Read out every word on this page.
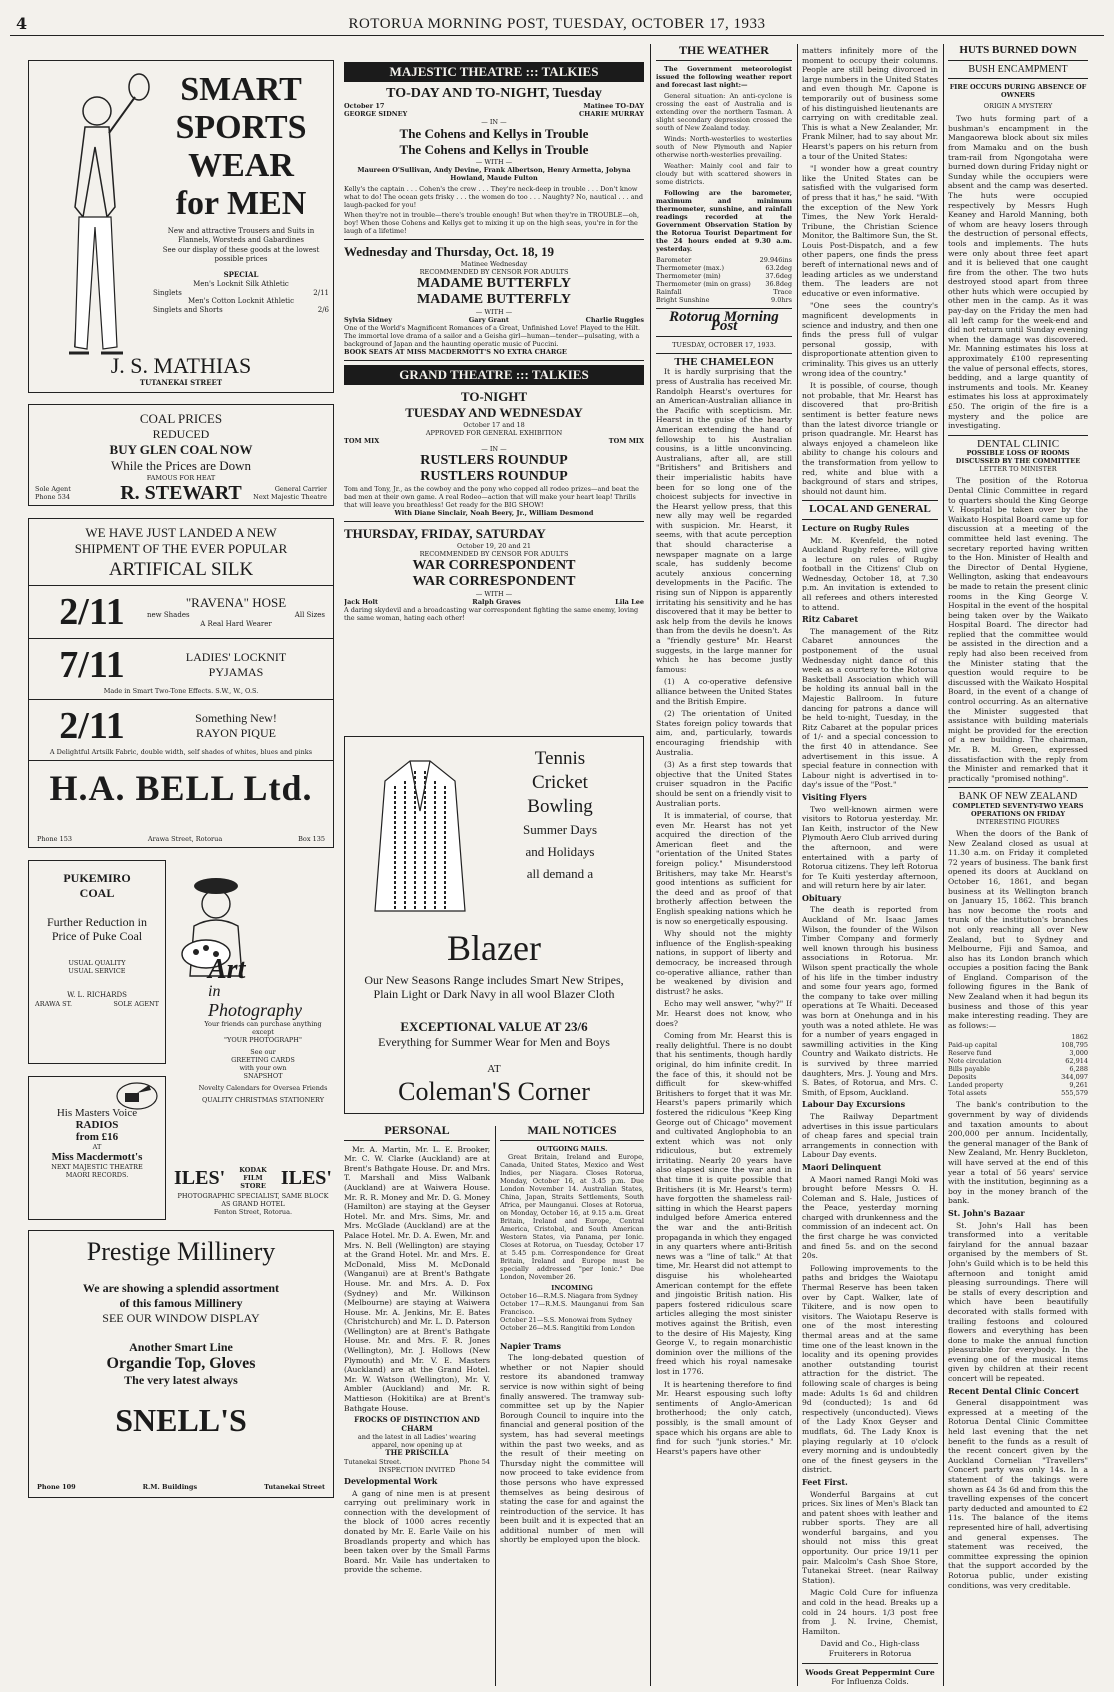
4	ROTORUA MORNING POST, TUESDAY, OCTOBER 17, 1933
SMART
SPORTS
WEAR
for MEN
New and attractive Trousers and Suits in Flannels, Worsteds and Gabardines
See our display of these goods at the lowest possible prices
SPECIAL
Men's Locknit Silk Athletic
Singlets	2/11
Men's Cotton Locknit Athletic
Singlets and Shorts	2/6
J. S. MATHIAS
TUTANEKAI STREET
COAL PRICES
REDUCED
BUY GLEN COAL NOW
While the Prices are Down
FAMOUS FOR HEAT
R. STEWART
Sole Agent
Phone 534
General Carrier
Next Majestic Theatre
WE HAVE JUST LANDED A NEW
SHIPMENT OF THE EVER POPULAR
ARTIFICAL SILK
2/11	"RAVENA" HOSE
new Shades	All Sizes
A Real Hard Wearer
7/11	LADIES' LOCKNIT
PYJAMAS
Made in Smart Two-Tone Effects. S.W., W., O.S.
2/11	Something New!
RAYON PIQUE
A Delightful Artsilk Fabric, double width, self shades of whites, blues and pinks
H.A. BELL Ltd.
Phone 153	Arawa Street, Rotorua	Box 135
PUKEMIRO
COAL
Further Reduction in Price of Puke Coal
USUAL QUALITY
USUAL SERVICE
W. L. RICHARDS
ARAWA ST.	SOLE AGENT
His Masters Voice
RADIOS
from £16
AT
Miss Macdermott's
NEXT MAJESTIC THEATRE
MAORI RECORDS.
Art
in
Photography
Your friends can purchase anything except
"YOUR PHOTOGRAPH"
See our
GREETING CARDS
with your own
SNAPSHOT
Novelty Calendars for Oversea Friends
QUALITY CHRISTMAS STATIONERY
ILES'	KODAK FILM STORE ILES'
PHOTOGRAPHIC SPECIALIST, SAME BLOCK AS GRAND HOTEL
Fenton Street, Rotorua.
Prestige Millinery
We are showing a splendid assortment
of this famous Millinery
SEE OUR WINDOW DISPLAY
Another Smart Line
Organdie Top, Gloves
The very latest always
SNELL'S
Phone 109	R.M. Buildings	Tutanekai Street
MAJESTIC THEATRE ::: TALKIES
TO-DAY AND TO-NIGHT, Tuesday
October 17	Matinee TO-DAY
GEORGE SIDNEY	CHARIE MURRAY
— IN —
The Cohens and Kellys in Trouble
The Cohens and Kellys in Trouble
— WITH —
Maureen O'Sullivan, Andy Devine, Frank Albertson, Henry Armetta, Jobyna Howland, Maude Fulton
Kelly's the captain . . . Cohen's the crew . . . They're neck-deep in trouble . . . Don't know what to do! The ocean gets frisky . . . the women do too . . . Naughty? No, nautical . . . and laugh-packed for you!
When they're not in trouble—there's trouble enough! But when they're in TROUBLE—oh, boy! When those Cohens and Kellys get to mixing it up on the high seas, you're in for the laugh of a lifetime!
Wednesday and Thursday, Oct. 18, 19
Matinee Wednesday
RECOMMENDED BY CENSOR FOR ADULTS
MADAME BUTTERFLY
MADAME BUTTERFLY
— WITH —
Sylvia Sidney	Gary Grant	Charlie Ruggles
One of the World's Magnificent Romances of a Great, Unfinished Love! Played to the Hilt. The immortal love drama of a sailor and a Geisha girl—human—tender—pulsating, with a background of Japan and the haunting operatic music of Puccini.
BOOK SEATS AT MISS MACDERMOTT'S NO EXTRA CHARGE
GRAND THEATRE ::: TALKIES
TO-NIGHT
TUESDAY AND WEDNESDAY
October 17 and 18
APPROVED FOR GENERAL EXHIBITION
TOM MIX	TOM MIX
— IN —
RUSTLERS ROUNDUP
RUSTLERS ROUNDUP
Tom and Tony, Jr., as the cowboy and the pony who copped all rodeo prizes—and beat the bad men at their own game. A real Rodeo—action that will make your heart leap! Thrills that will leave you breathless! Get ready for the BIG SHOW!
With Diane Sinclair, Noah Beery, Jr., William Desmond
THURSDAY, FRIDAY, SATURDAY
October 19, 20 and 21
RECOMMENDED BY CENSOR FOR ADULTS
WAR CORRESPONDENT
WAR CORRESPONDENT
— WITH —
Jack Holt	Ralph Graves	Lila Lee
A daring skydevil and a broadcasting war correspondent fighting the same enemy, loving the same woman, hating each other!
Tennis
Cricket
Bowling
Summer Days
and Holidays
all demand a
Blazer
Our New Seasons Range includes Smart New Stripes, Plain Light or Dark Navy in all wool Blazer Cloth
EXCEPTIONAL VALUE AT 23/6
Everything for Summer Wear for Men and Boys
AT
Coleman'S Corner
PERSONAL

Mr. A. Martin, Mr. L. E. Brooker, Mr. C. W. Clarke (Auckland) are at Brent's Bathgate House. Dr. and Mrs. T. Marshall and Miss Walbank (Auckland) are at Waiwera House. Mr. R. R. Money and Mr. D. G. Money (Hamilton) are staying at the Geyser Hotel. Mr. and Mrs. Sims, Mr. and Mrs. McGlade (Auckland) are at the Palace Hotel. Mr. D. A. Ewen, Mr. and Mrs. N. Bell (Wellington) are staying at the Grand Hotel. Mr. and Mrs. E. McDonald, Miss M. McDonald (Wanganui) are at Brent's Bathgate House. Mr. and Mrs. A. D. Fox (Sydney) and Mr. Wilkinson (Melbourne) are staying at Waiwera House. Mr. A. Jenkins, Mr. E. Bates (Christchurch) and Mr. L. D. Paterson (Wellington) are at Brent's Bathgate House. Mr. and Mrs. F. R. Jones (Wellington), Mr. J. Hollows (New Plymouth) and Mr. V. E. Masters (Auckland) are at the Grand Hotel. Mr. W. Watson (Wellington), Mr. V. Ambler (Auckland) and Mr. R. Mattieson (Hokitika) are at Brent's Bathgate House.

FROCKS OF DISTINCTION AND CHARM
and the latest in all Ladies' wearing apparel, now opening up at
THE PRISCILLA
Tutanekai Street.	Phone 54
INSPECTION INVITED
Developmental Work

A gang of nine men is at present carrying out preliminary work in connection with the development of the block of 1000 acres recently donated by Mr. E. Earle Vaile on his Broadlands property and which has been taken over by the Small Farms Board. Mr. Vaile has undertaken to provide the scheme.

MAIL NOTICES
OUTGOING MAILS.

Great Britain, Ireland and Europe, Canada, United States, Mexico and West Indies, per Niagara. Closes Rotorua, Monday, October 16, at 3.45 p.m. Due London November 14. Australian States, China, Japan, Straits Settlements, South Africa, per Maunganui. Closes at Rotorua, on Monday, October 16, at 9.15 a.m. Great Britain, Ireland and Europe, Central America, Cristobal, and South American Western States, via Panama, per Ionic. Closes at Rotorua, on Tuesday, October 17 at 5.45 p.m. Correspondence for Great Britain, Ireland and Europe must be specially addressed "per Ionic." Due London, November 26.

INCOMING
October 16—R.M.S. Niagara from Sydney
October 17—R.M.S. Maunganui from San Francisco.
October 21—S.S. Monowai from Sydney
October 26—M.S. Rangitiki from London
Napier Trams

The long-debated question of whether or not Napier should restore its abandoned tramway service is now within sight of being finally answered. The tramway sub-committee set up by the Napier Borough Council to inquire into the financial and general position of the system, has had several meetings within the past two weeks, and as the result of their meeting on Thursday night the committee will now proceed to take evidence from those persons who have expressed themselves as being desirous of stating the case for and against the reintroduction of the service. It has been built and it is expected that an additional number of men will shortly be employed upon the block.

THE WEATHER

The Government meteorologist issued the following weather report and forecast last night:—

General situation: An anti-cyclone is crossing the east of Australia and is extending over the northern Tasman. A slight secondary depression crossed the south of New Zealand today.

Winds: North-westerlies to westerlies south of New Plymouth and Napier otherwise north-westerlies prevailing.

Weather: Mainly cool and fair to cloudy but with scattered showers in some districts.

Following are the barometer, maximum and minimum thermometer, sunshine, and rainfall readings recorded at the Government Observation Station by the Rotorua Tourist Department for the 24 hours ended at 9.30 a.m. yesterday.

Barometer	29.946ins
Thermometer (max.)	63.2deg
Thermometer (min)	37.6deg
Thermometer (min on grass) 36.8deg
Rainfall	Trace
Bright Sunshine	9.0hrs
Rotorua Morning Post
TUESDAY, OCTOBER 17, 1933.
THE CHAMELEON

It is hardly surprising that the press of Australia has received Mr. Randolph Hearst's overtures for an American-Australian alliance in the Pacific with scepticism. Mr. Hearst in the guise of the hearty American extending the hand of fellowship to his Australian cousins, is a little unconvincing. Australians, after all, are still "Britishers" and Britishers and their imperialistic habits have been for so long one of the choicest subjects for invective in the Hearst yellow press, that this new ally may well be regarded with suspicion. Mr. Hearst, it seems, with that acute perception that should characterise a newspaper magnate on a large scale, has suddenly become acutely anxious concerning developments in the Pacific. The rising sun of Nippon is apparently irritating his sensitivity and he has discovered that it may be better to ask help from the devils he knows than from the devils he doesn't. As a "friendly gesture" Mr. Hearst suggests, in the large manner for which he has become justly famous:

(1) A co-operative defensive alliance between the United States and the British Empire.

(2) The orientation of United States foreign policy towards that aim, and, particularly, towards encouraging friendship with Australia.

(3) As a first step towards that objective that the United States cruiser squadron in the Pacific should be sent on a friendly visit to Australian ports.

It is immaterial, of course, that even Mr. Hearst has not yet acquired the direction of the American fleet and the "orientation of the United States foreign policy." Misunderstood Britishers, may take Mr. Hearst's good intentions as sufficient for the deed and as proof of that brotherly affection between the English speaking nations which he is now so energetically espousing.

Why should not the mighty influence of the English-speaking nations, in support of liberty and democracy, be increased through co-operative alliance, rather than be weakened by division and distrust? he asks.

Echo may well answer, "why?" If Mr. Hearst does not know, who does?

Coming from Mr. Hearst this is really delightful. There is no doubt that his sentiments, though hardly original, do him infinite credit. In the face of this, it should not be difficult for skew-whiffed Britishers to forget that it was Mr. Hearst's papers primarily which fostered the ridiculous "Keep King George out of Chicago" movement and cultivated Anglophobia to an extent which was not only ridiculous, but extremely irritating. Nearly 20 years have also elapsed since the war and in that time it is quite possible that Britishers (it is Mr. Hearst's term) have forgotten the shameless rail-sitting in which the Hearst papers indulged before America entered the war and the anti-British propaganda in which they engaged in any quarters where anti-British news was a "line of talk." At that time, Mr. Hearst did not attempt to disguise his wholehearted American contempt for the effete and jingoistic British nation. His papers fostered ridiculous scare articles alleging the most sinister motives against the British, even to the desire of His Majesty, King George V., to regain monarchistic dominion over the millions of the freed which his royal namesake lost in 1776.

It is heartening therefore to find Mr. Hearst espousing such lofty sentiments of Anglo-American brotherhood; the only catch, possibly, is the small amount of space which his organs are able to find for such "junk stories." Mr. Hearst's papers have other

matters infinitely more of the moment to occupy their columns. People are still being divorced in large numbers in the United States and even though Mr. Capone is temporarily out of business some of his distinguished lieutenants are carrying on with creditable zeal. This is what a New Zealander, Mr. Frank Milner, had to say about Mr. Hearst's papers on his return from a tour of the United States:

"I wonder how a great country like the United States can be satisfied with the vulgarised form of press that it has," he said. "With the exception of the New York Times, the New York Herald-Tribune, the Christian Science Monitor, the Baltimore Sun, the St. Louis Post-Dispatch, and a few other papers, one finds the press bereft of international news and of leading articles as we understand them. The leaders are not educative or even informative.

"One sees the country's magnificent developments in science and industry, and then one finds the press full of vulgar personal gossip, with disproportionate attention given to criminality. This gives us an utterly wrong idea of the country."

It is possible, of course, though not probable, that Mr. Hearst has discovered that pro-British sentiment is better feature news than the latest divorce triangle or prison quadrangle. Mr. Hearst has always enjoyed a chameleon like ability to change his colours and the transformation from yellow to red, white and blue with a background of stars and stripes, should not daunt him.

LOCAL AND GENERAL
Lecture on Rugby Rules

Mr. M. Kvenfeld, the noted Auckland Rugby referee, will give a lecture on rules of Rugby football in the Citizens' Club on Wednesday, October 18, at 7.30 p.m. An invitation is extended to all referees and others interested to attend.

Ritz Cabaret

The management of the Ritz Cabaret announces the postponement of the usual Wednesday night dance of this week as a courtesy to the Rotorua Basketball Association which will be holding its annual ball in the Majestic Ballroom. In future dancing for patrons a dance will be held to-night, Tuesday, in the Ritz Cabaret at the popular prices of 1/- and a special concession to the first 40 in attendance. See advertisement in this issue. A special feature in connection with Labour night is advertised in to-day's issue of the "Post."

Visiting Flyers

Two well-known airmen were visitors to Rotorua yesterday. Mr. Ian Keith, instructor of the New Plymouth Aero Club arrived during the afternoon, and were entertained with a party of Rotorua citizens. They left Rotorua for Te Kuiti yesterday afternoon, and will return here by air later.

Obituary

The death is reported from Auckland of Mr. Isaac James Wilson, the founder of the Wilson Timber Company and formerly well known through his business associations in Rotorua. Mr. Wilson spent practically the whole of his life in the timber industry and some four years ago, formed the company to take over milling operations at Te Whaiti. Deceased was born at Onehunga and in his youth was a noted athlete. He was for a number of years engaged in sawmilling activities in the King Country and Waikato districts. He is survived by three married daughters, Mrs. J. Young and Mrs. S. Bates, of Rotorua, and Mrs. C. Smith, of Epsom, Auckland.

Labour Day Excursions

The Railway Department advertises in this issue particulars of cheap fares and special train arrangements in connection with Labour Day events.

Maori Delinquent

A Maori named Rangi Moki was brought before Messrs O. H. Coleman and S. Hale, Justices of the Peace, yesterday morning charged with drunkenness and the commission of an indecent act. On the first charge he was convicted and fined 5s. and on the second 20s.

Following improvements to the paths and bridges the Waiotapu Thermal Reserve has been taken over by Capt. Walker, late of Tikitere, and is now open to visitors. The Waiotapu Reserve is one of the most interesting thermal areas and at the same time one of the least known in the locality and its opening provides another outstanding tourist attraction for the district. The following scale of charges is being made: Adults 1s 6d and children 9d (conducted); 1s and 6d respectively (unconducted). Views of the Lady Knox Geyser and mudflats, 6d. The Lady Knox is playing regularly at 10 o'clock every morning and is undoubtedly one of the finest geysers in the district.

Feet First.

Wonderful Bargains at cut prices. Six lines of Men's Black tan and patent shoes with leather and rubber sports. They are all wonderful bargains, and you should not miss this great opportunity. Our price 19/11 per pair. Malcolm's Cash Shoe Store, Tutanekai Street. (near Railway Station).

Magic Cold Cure for influenza and cold in the head. Breaks up a cold in 24 hours. 1/3 post free from J. N. Irvine, Chemist, Hamilton.

David and Co., High-class Fruiterers in Rotorua
Woods Great Peppermint Cure
For Influenza Colds.
HUTS BURNED DOWN
BUSH ENCAMPMENT
FIRE OCCURS DURING ABSENCE OF OWNERS
ORIGIN A MYSTERY

Two huts forming part of a bushman's encampment in the Mangaorewa block about six miles from Mamaku and on the bush tram-rail from Ngongotaha were burned down during Friday night or Sunday while the occupiers were absent and the camp was deserted. The huts were occupied respectively by Messrs Hugh Keaney and Harold Manning, both of whom are heavy losers through the destruction of personal effects, tools and implements. The huts were only about three feet apart and it is believed that one caught fire from the other. The two huts destroyed stood apart from three other huts which were occupied by other men in the camp. As it was pay-day on the Friday the men had all left camp for the week-end and did not return until Sunday evening when the damage was discovered. Mr. Manning estimates his loss at approximately £100 representing the value of personal effects, stores, bedding, and a large quantity of instruments and tools. Mr. Keaney estimates his loss at approximately £50. The origin of the fire is a mystery and the police are investigating.

DENTAL CLINIC
POSSIBLE LOSS OF ROOMS DISCUSSED BY THE COMMITTEE
LETTER TO MINISTER

The position of the Rotorua Dental Clinic Committee in regard to quarters should the King George V. Hospital be taken over by the Waikato Hospital Board came up for discussion at a meeting of the committee held last evening. The secretary reported having written to the Hon. Minister of Health and the Director of Dental Hygiene, Wellington, asking that endeavours be made to retain the present clinic rooms in the King George V. Hospital in the event of the hospital being taken over by the Waikato Hospital Board. The director had replied that the committee would be assisted in the direction and a reply had also been received from the Minister stating that the question would require to be discussed with the Waikato Hospital Board, in the event of a change of control occurring. As an alternative the Minister suggested that assistance with building materials might be provided for the erection of a new building. The chairman, Mr. B. M. Green, expressed dissatisfaction with the reply from the Minister and remarked that it practically "promised nothing".

BANK OF NEW ZEALAND
COMPLETED SEVENTY-TWO YEARS OPERATIONS ON FRIDAY
INTERESTING FIGURES

When the doors of the Bank of New Zealand closed as usual at 11.30 a.m. on Friday it completed 72 years of business. The bank first opened its doors at Auckland on October 16, 1861, and began business at its Wellington branch on January 15, 1862. This branch has now become the roots and trunk of the institution's branches not only reaching all over New Zealand, but to Sydney and Melbourne, Fiji and Samoa, and also has its London branch which occupies a position facing the Bank of England. Comparison of the following figures in the Bank of New Zealand when it had begun its business and those of this year make interesting reading. They are as follows:—

1862
Paid-up capital	108,795
Reserve fund	3,000
Note circulation	62,914
Bills payable	6,288
Deposits	344,097
Landed property	9,261
Total assets	555,579

The bank's contribution to the government by way of dividends and taxation amounts to about 200,000 per annum. Incidentally, the general manager of the Bank of New Zealand, Mr. Henry Buckleton, will have served at the end of this year a total of 56 years' service with the institution, beginning as a boy in the money branch of the bank.

St. John's Bazaar

St. John's Hall has been transformed into a veritable fairyland for the annual bazaar organised by the members of St. John's Guild which is to be held this afternoon and tonight amid pleasing surroundings. There will be stalls of every description and which have been beautifully decorated with stalls formed with trailing festoons and coloured flowers and everything has been done to make the annual function pleasurable for everybody. In the evening one of the musical items given by children at their recent concert will be repeated.

Recent Dental Clinic Concert

General disappointment was expressed at a meeting of the Rotorua Dental Clinic Committee held last evening that the net benefit to the funds as a result of the recent concert given by the Auckland Cornelian "Travellers" Concert party was only 14s. In a statement of the takings were shown as £4 3s 6d and from this the travelling expenses of the concert party deducted and amounted to £2 11s. The balance of the items represented hire of hall, advertising and general expenses. The statement was received, the committee expressing the opinion that the support accorded by the Rotorua public, under existing conditions, was very creditable.
